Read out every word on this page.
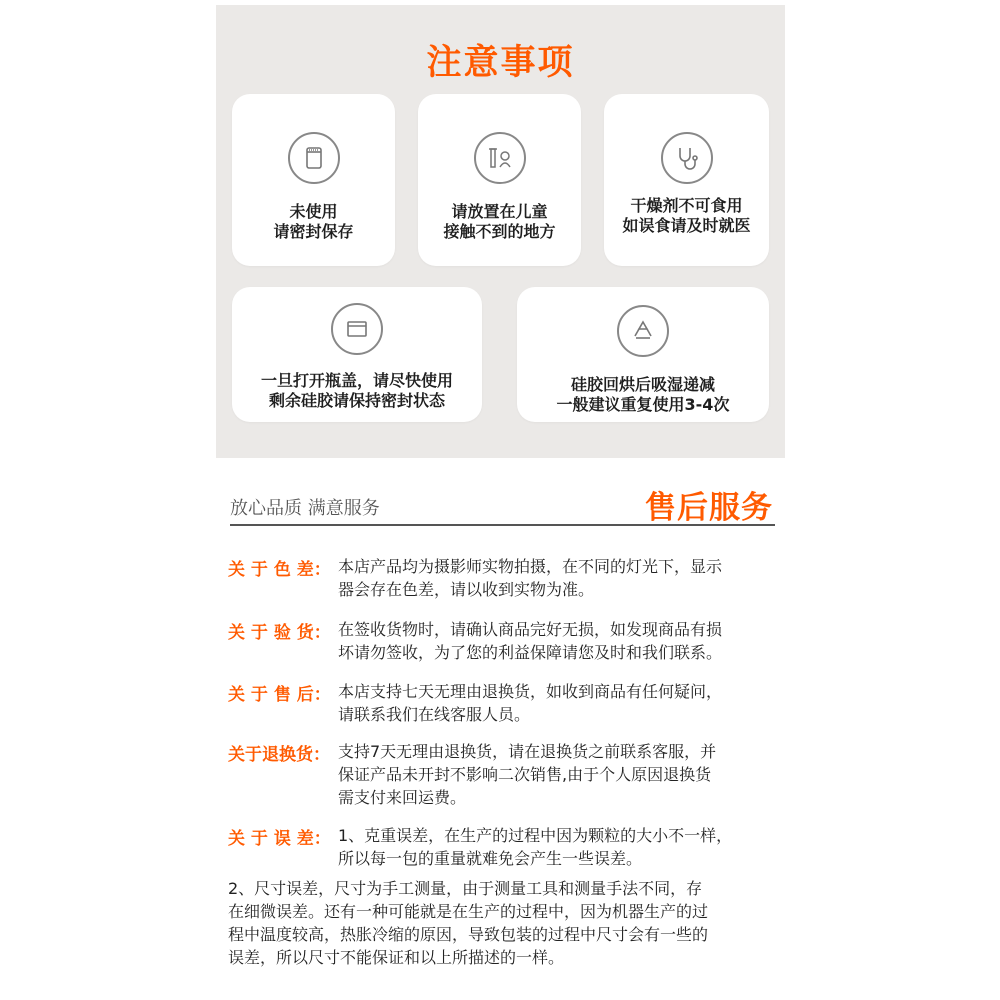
注意事项
未使用
请密封保存
请放置在儿童
接触不到的地方
干燥剂不可食用
如误食请及时就医
一旦打开瓶盖，请尽快使用
剩余硅胶请保持密封状态
硅胶回烘后吸湿递减
一般建议重复使用3-4次
放心品质 满意服务	售后服务
关 于 色 差： 本店产品均为摄影师实物拍摄，在不同的灯光下，显示
器会存在色差，请以收到实物为准。
关 于 验 货： 在签收货物时，请确认商品完好无损，如发现商品有损
坏请勿签收，为了您的利益保障请您及时和我们联系。
关 于 售 后： 本店支持七天无理由退换货，如收到商品有任何疑问，
请联系我们在线客服人员。
关于退换货： 支持7天无理由退换货，请在退换货之前联系客服，并
保证产品未开封不影响二次销售,由于个人原因退换货
需支付来回运费。
关 于 误 差： 1、克重误差，在生产的过程中因为颗粒的大小不一样，
所以每一包的重量就难免会产生一些误差。
2、尺寸误差，尺寸为手工测量，由于测量工具和测量手法不同，存
在细微误差。还有一种可能就是在生产的过程中，因为机器生产的过
程中温度较高，热胀冷缩的原因，导致包装的过程中尺寸会有一些的
误差，所以尺寸不能保证和以上所描述的一样。
